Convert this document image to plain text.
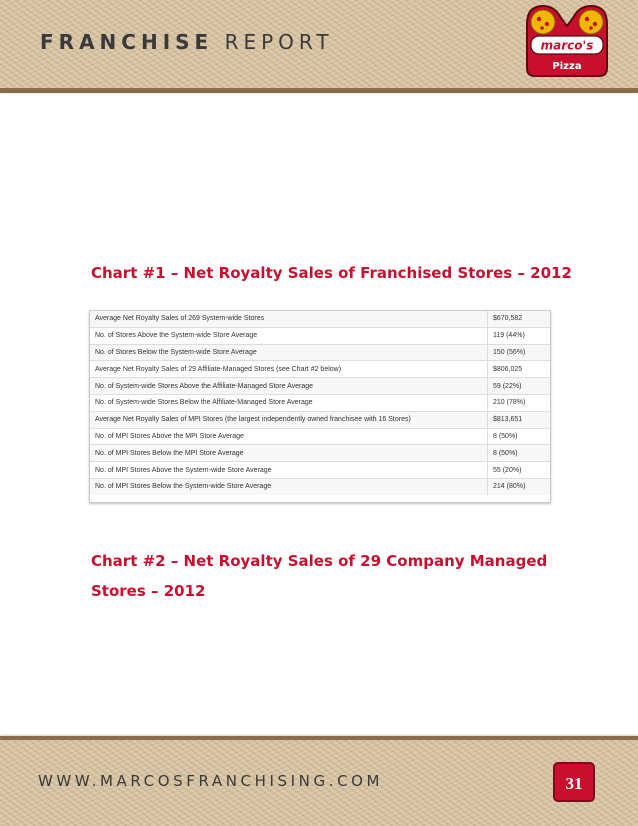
FRANCHISE REPORT	marco's
Pizza
Chart #1 – Net Royalty Sales of Franchised Stores – 2012
Average Net Royalty Sales of 269 System-wide Stores	$670,582
No. of Stores Above the System-wide Store Average	119 (44%)
No. of Stores Below the System-wide Store Average	150 (56%)
Average Net Royalty Sales of 29 Affiliate-Managed Stores (see Chart #2 below)	$806,025
No. of System-wide Stores Above the Affiliate-Managed Store Average	59 (22%)
No. of System-wide Stores Below the Affiliate-Managed Store Average	210 (78%)
Average Net Royalty Sales of MPI Stores (the largest independently owned franchisee with 16 Stores)	$813,651
No. of MPI Stores Above the MPI Store Average	8 (50%)
No. of MPI Stores Below the MPI Store Average	8 (50%)
No. of MPI Stores Above the System-wide Store Average	55 (20%)
No. of MPI Stores Below the System-wide Store Average	214 (80%)
Chart #2 – Net Royalty Sales of 29 Company Managed Stores – 2012
WWW.MARCOSFRANCHISING.COM	31
